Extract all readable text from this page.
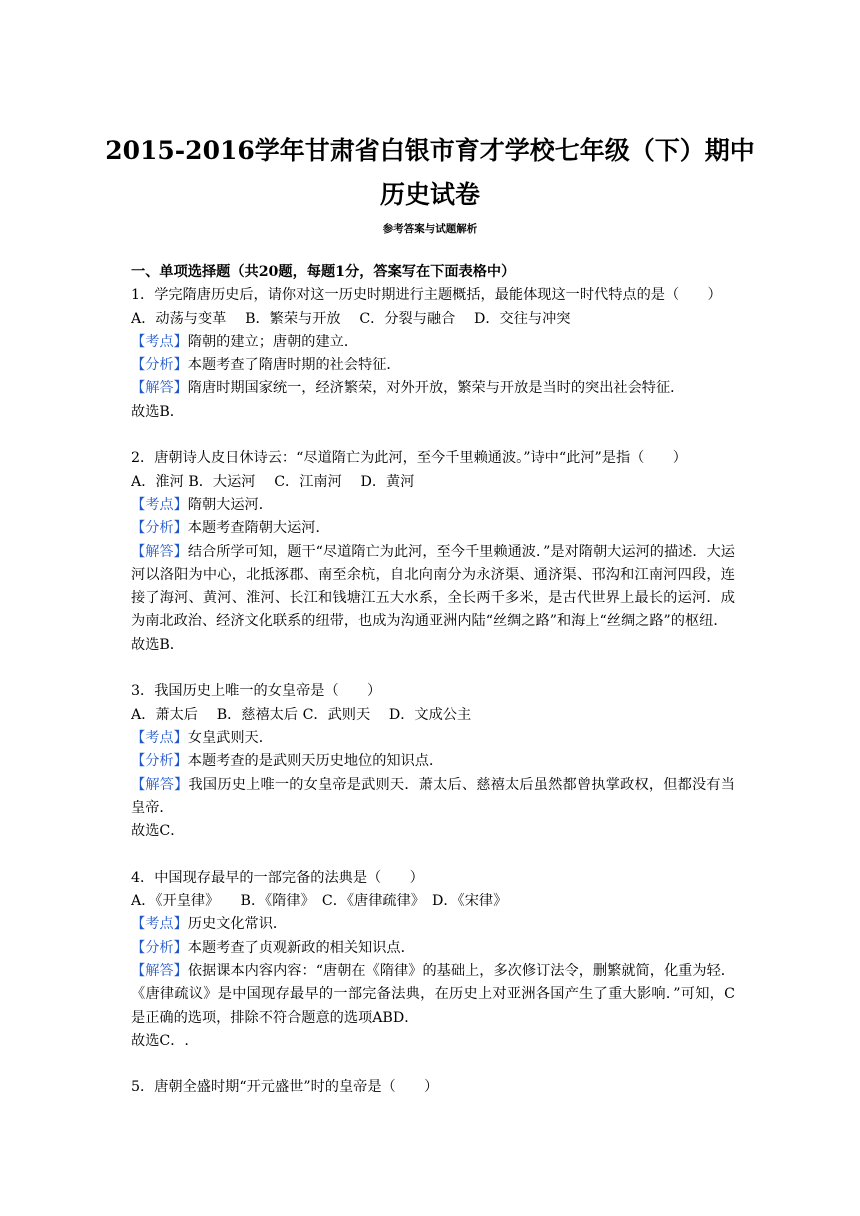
2015-2016学年甘肃省白银市育才学校七年级（下）期中
历史试卷
参考答案与试题解析
一、单项选择题（共20题，每题1分，答案写在下面表格中）
1．学完隋唐历史后，请你对这一历史时期进行主题概括，最能体现这一时代特点的是（　　）
A．动荡与变革　 B．繁荣与开放　 C．分裂与融合　 D．交往与冲突
【考点】隋朝的建立；唐朝的建立．
【分析】本题考查了隋唐时期的社会特征．
【解答】隋唐时期国家统一，经济繁荣，对外开放，繁荣与开放是当时的突出社会特征．
故选B．
2．唐朝诗人皮日休诗云：“尽道隋亡为此河，至今千里赖通波。”诗中“此河”是指（　　）
A．淮河 B．大运河　 C．江南河　 D．黄河
【考点】隋朝大运河．
【分析】本题考查隋朝大运河．
【解答】结合所学可知，题干“尽道隋亡为此河，至今千里赖通波．”是对隋朝大运河的描述．大运河以洛阳为中心，北抵涿郡、南至余杭，自北向南分为永济渠、通济渠、邗沟和江南河四段，连接了海河、黄河、淮河、长江和钱塘江五大水系，全长两千多米，是古代世界上最长的运河．成为南北政治、经济文化联系的纽带，也成为沟通亚洲内陆“丝绸之路”和海上“丝绸之路”的枢纽．
故选B．
3．我国历史上唯一的女皇帝是（　　）
A．萧太后　 B．慈禧太后 C．武则天　 D．文成公主
【考点】女皇武则天．
【分析】本题考查的是武则天历史地位的知识点．
【解答】我国历史上唯一的女皇帝是武则天．萧太后、慈禧太后虽然都曾执掌政权，但都没有当皇帝．
故选C．
4．中国现存最早的一部完备的法典是（　　）
A．《开皇律》　　B．《隋律》　C．《唐律疏律》　D．《宋律》
【考点】历史文化常识．
【分析】本题考查了贞观新政的相关知识点．
【解答】依据课本内容内容：“唐朝在《隋律》的基础上，多次修订法令，删繁就简，化重为轻．《唐律疏议》是中国现存最早的一部完备法典，在历史上对亚洲各国产生了重大影响．”可知，C是正确的选项，排除不符合题意的选项ABD．
故选C．.
5．唐朝全盛时期“开元盛世”时的皇帝是（　　）
